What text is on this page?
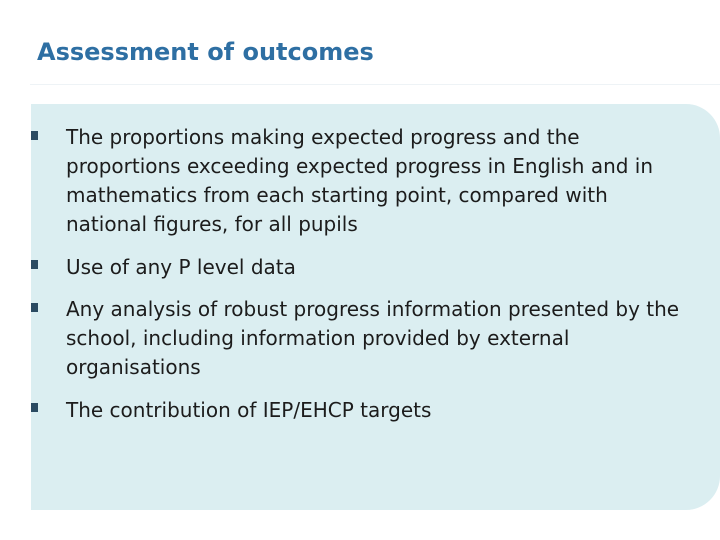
Assessment of outcomes
The proportions making expected progress and the proportions exceeding expected progress in English and in mathematics from each starting point, compared with national figures, for all pupils
Use of any P level data
Any analysis of robust progress information presented by the school, including information provided by external organisations
The contribution of IEP/EHCP targets
